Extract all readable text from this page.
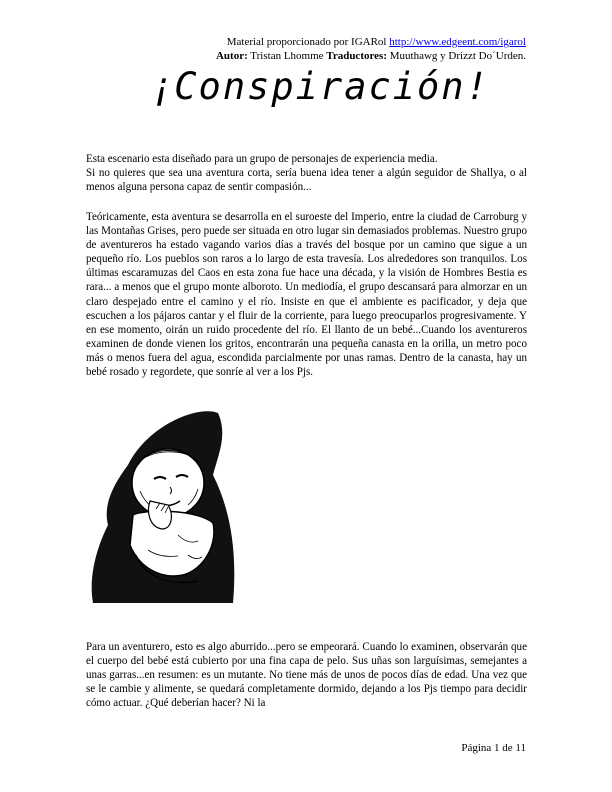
Material proporcionado por IGARol http://www.edgeent.com/igarol
Autor: Tristan Lhomme Traductores: Muuthawg y Drizzt Do´Urden.
¡Conspiración!

Esta escenario esta diseñado para un grupo de personajes de experiencia media.

Si no quieres que sea una aventura corta, sería buena idea tener a algún seguidor de Shallya, o al menos alguna persona capaz de sentir compasión...

Teóricamente, esta aventura se desarrolla en el suroeste del Imperio, entre la ciudad de Carroburg y las Montañas Grises, pero puede ser situada en otro lugar sin demasiados problemas. Nuestro grupo de aventureros ha estado vagando varios días a través del bosque por un camino que sigue a un pequeño río. Los pueblos son raros a lo largo de esta travesía. Los alrededores son tranquilos. Los últimas escaramuzas del Caos en esta zona fue hace una década, y la visión de Hombres Bestia es rara... a menos que el grupo monte alboroto. Un mediodía, el grupo descansará para almorzar en un claro despejado entre el camino y el río. Insiste en que el ambiente es pacificador, y deja que escuchen a los pájaros cantar y el fluir de la corriente, para luego preocuparlos progresivamente. Y en ese momento, oirán un ruido procedente del río. El llanto de un bebé...Cuando los aventureros examinen de donde vienen los gritos, encontrarán una pequeña canasta en la orilla, un metro poco más o menos fuera del agua, escondida parcialmente por unas ramas. Dentro de la canasta, hay un bebé rosado y regordete, que sonríe al ver a los Pjs.

Para un aventurero, esto es algo aburrido...pero se empeorará. Cuando lo examinen, observarán que el cuerpo del bebé está cubierto por una fina capa de pelo. Sus uñas son larguísimas, semejantes a unas garras...en resumen: es un mutante. No tiene más de unos de pocos días de edad. Una vez que se le cambie y alimente, se quedará completamente dormido, dejando a los Pjs tiempo para decidir cómo actuar. ¿Qué deberían hacer? Ni la

Página 1 de 11
